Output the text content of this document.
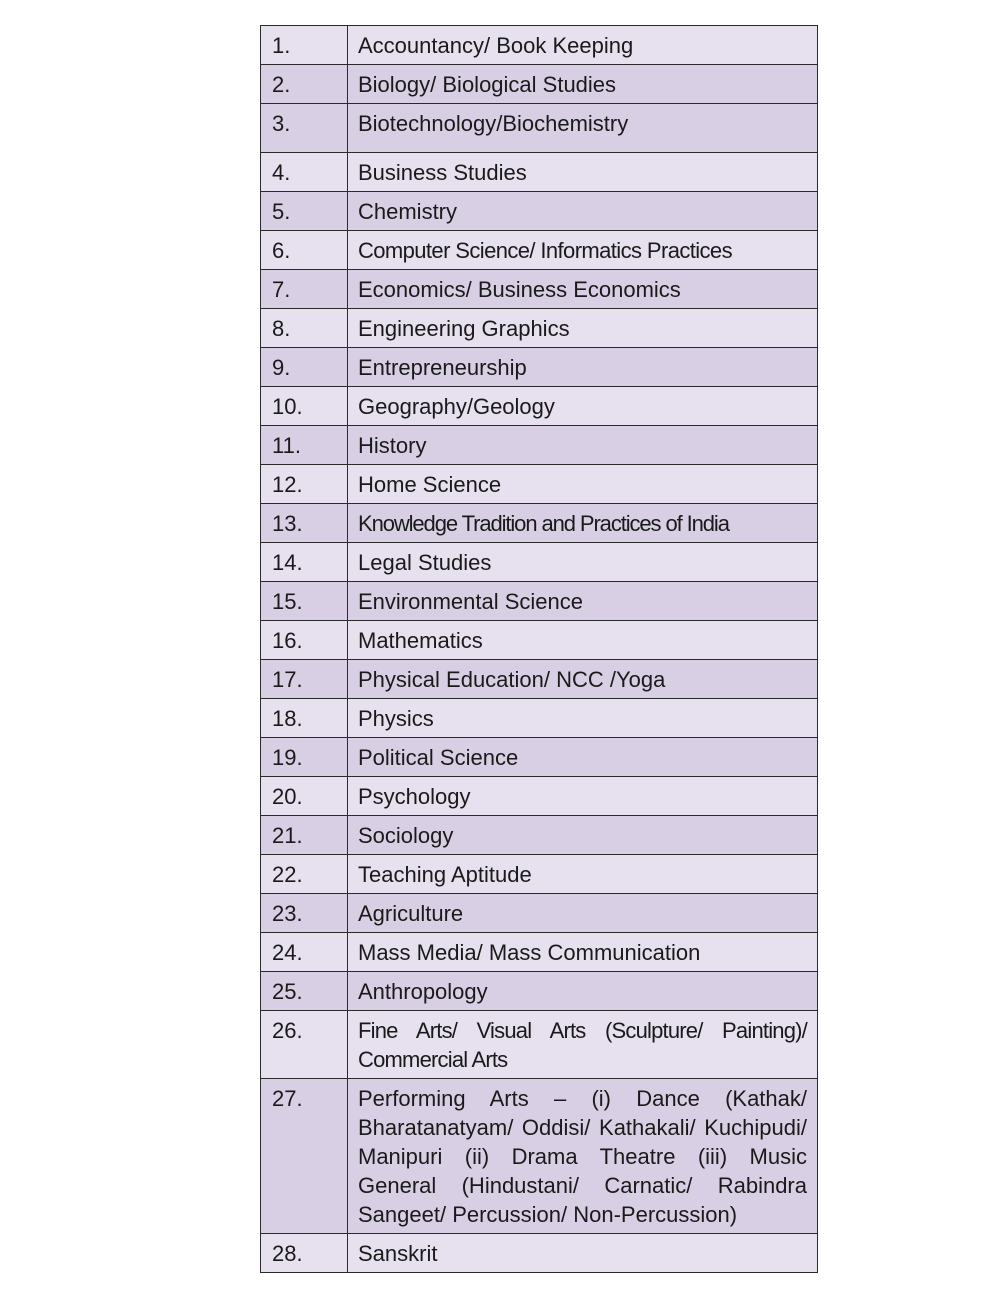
1.	Accountancy/ Book Keeping
2.	Biology/ Biological Studies
3.	Biotechnology/Biochemistry
4.	Business Studies
5.	Chemistry
6.	Computer Science/ Informatics Practices
7.	Economics/ Business Economics
8.	Engineering Graphics
9.	Entrepreneurship
10.	Geography/Geology
11.	History
12.	Home Science
13.	Knowledge Tradition and Practices of India
14.	Legal Studies
15.	Environmental Science
16.	Mathematics
17.	Physical Education/ NCC /Yoga
18.	Physics
19.	Political Science
20.	Psychology
21.	Sociology
22.	Teaching Aptitude
23.	Agriculture
24.	Mass Media/ Mass Communication
25.	Anthropology
26.	Fine Arts/ Visual Arts (Sculpture/ Painting)/ Commercial Arts
27.	Performing Arts – (i) Dance (Kathak/ Bharatanatyam/ Oddisi/ Kathakali/ Kuchipudi/ Manipuri (ii) Drama Theatre (iii) Music General (Hindustani/ Carnatic/ Rabindra Sangeet/ Percussion/ Non-Percussion)
28.	Sanskrit
